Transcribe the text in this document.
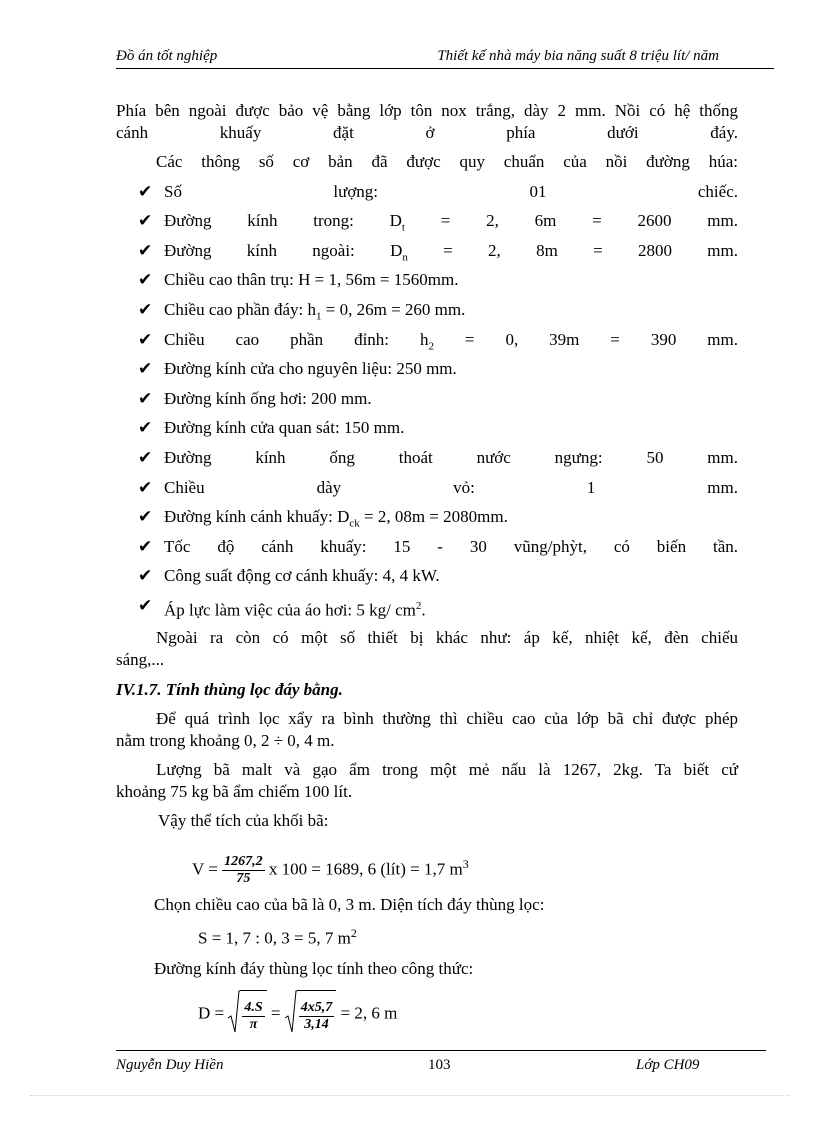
Đồ án tốt nghiệp	Thiết kế nhà máy bia năng suất 8 triệu lít/ năm

Phía bên ngoài được bảo vệ bằng lớp tôn nox trắng, dày 2 mm. Nồi có hệ thống

cánh khuấy đặt ở phía dưới đáy.

Các thông số cơ bản đã được quy chuẩn của nồi đường húa:

✔ Số lượng: 01 chiếc.
✔ Đường kính trong: $D_t = 2$, 6m = 2600 mm.
✔ Đường kính ngoài: $D_n = 2$, 8m = 2800 mm.
✔ Chiều cao thân trụ: H = 1, 56m = 1560mm.
✔ Chiều cao phần đáy: $h_1 = 0$, 26m = 260 mm.
✔ Chiều cao phần đỉnh: $h_2 = 0$, 39m = 390 mm.
✔ Đường kính cửa cho nguyên liệu: 250 mm.
✔ Đường kính ống hơi: 200 mm.
✔ Đường kính cửa quan sát: 150 mm.
✔ Đường kính ống thoát nước ngưng: 50 mm.
✔ Chiều dày vỏ: 1 mm.
✔ Đường kính cánh khuấy: $D_{ck} = 2$, 08m = 2080mm.
✔ Tốc độ cánh khuấy: 15 - 30 vũng/phỳt, có biến tần.
✔ Công suất động cơ cánh khuấy: 4, 4 kW.
✔ Áp lực làm việc của áo hơi: 5 kg/ $cm^2$.

Ngoài ra còn có một số thiết bị khác như: áp kế, nhiệt kế, đèn chiếu

sáng,...

IV.1.7. Tính thùng lọc đáy bằng.

Để quá trình lọc xẩy ra bình thường thì chiều cao của lớp bã chỉ được phép

nằm trong khoảng 0, 2 ÷ 0, 4 m.

Lượng bã malt và gạo ẩm trong một mẻ nấu là 1267, 2kg. Ta biết cứ

khoảng 75 kg bã ẩm chiếm 100 lít.

Vậy thể tích của khối bã:

$V = \frac{1267,2}{75}$ x 100 = 1689, 6 (lít) = 1,7 $m^3$

Chọn chiều cao của bã là 0, 3 m. Diện tích đáy thùng lọc:

S = 1, 7 : 0, 3 = 5, 7 $m^2$

Đường kính đáy thùng lọc tính theo công thức:

$D = \frac{4.S}{\pi} = \frac{4x5,7}{3,14} = 2$, 6 m
Nguyễn Duy Hiền	103	Lớp CH09
